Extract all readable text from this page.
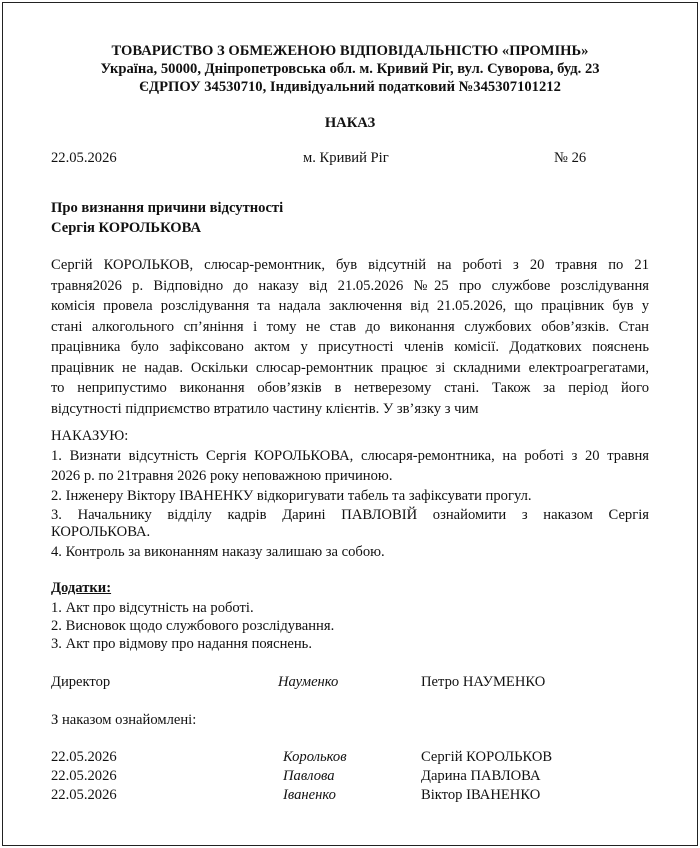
ТОВАРИСТВО З ОБМЕЖЕНОЮ ВІДПОВІДАЛЬНІСТЮ «ПРОМІНЬ»
Україна, 50000, Дніпропетровська обл. м. Кривий Ріг, вул. Суворова, буд. 23
ЄДРПОУ 34530710, Індивідуальний податковий №345307101212
НАКАЗ
22.05.2026	м. Кривий Ріг	№ 26
Про визнання причини відсутності
Сергія КОРОЛЬКОВА
Сергій КОРОЛЬКОВ, слюсар-ремонтник, був відсутній на роботі з 20 травня по 21
травня2026 р. Відповідно до наказу від 21.05.2026 №25 про службове розслідування
комісія провела розслідування та надала заключення від 21.05.2026, що працівник був у
стані алкогольного сп’яніння і тому не став до виконання службових обов’язків. Стан
працівника було зафіксовано актом у присутності членів комісії. Додаткових пояснень
працівник не надав. Оскільки слюсар-ремонтник працює зі складними електроагрегатами,
то неприпустимо виконання обов’язків в нетверезому стані. Також за період його
відсутності підприємство втратило частину клієнтів. У зв’язку з чим
НАКАЗУЮ:
1. Визнати відсутність Сергія КОРОЛЬКОВА, слюсаря-ремонтника, на роботі з 20 травня
2026 р. по 21травня 2026 року неповажною причиною.
2. Інженеру Віктору ІВАНЕНКУ відкоригувати табель та зафіксувати прогул.
3. Начальнику відділу кадрів Дарині ПАВЛОВІЙ ознайомити з наказом Сергія
КОРОЛЬКОВА.
4. Контроль за виконанням наказу залишаю за собою.
Додатки:
1. Акт про відсутність на роботі.
2. Висновок щодо службового розслідування.
3. Акт про відмову про надання пояснень.
Директор	Науменко	Петро НАУМЕНКО
З наказом ознайомлені:
22.05.2026	Корольков	Сергій КОРОЛЬКОВ
22.05.2026	Павлова	Дарина ПАВЛОВА
22.05.2026	Іваненко	Віктор ІВАНЕНКО
